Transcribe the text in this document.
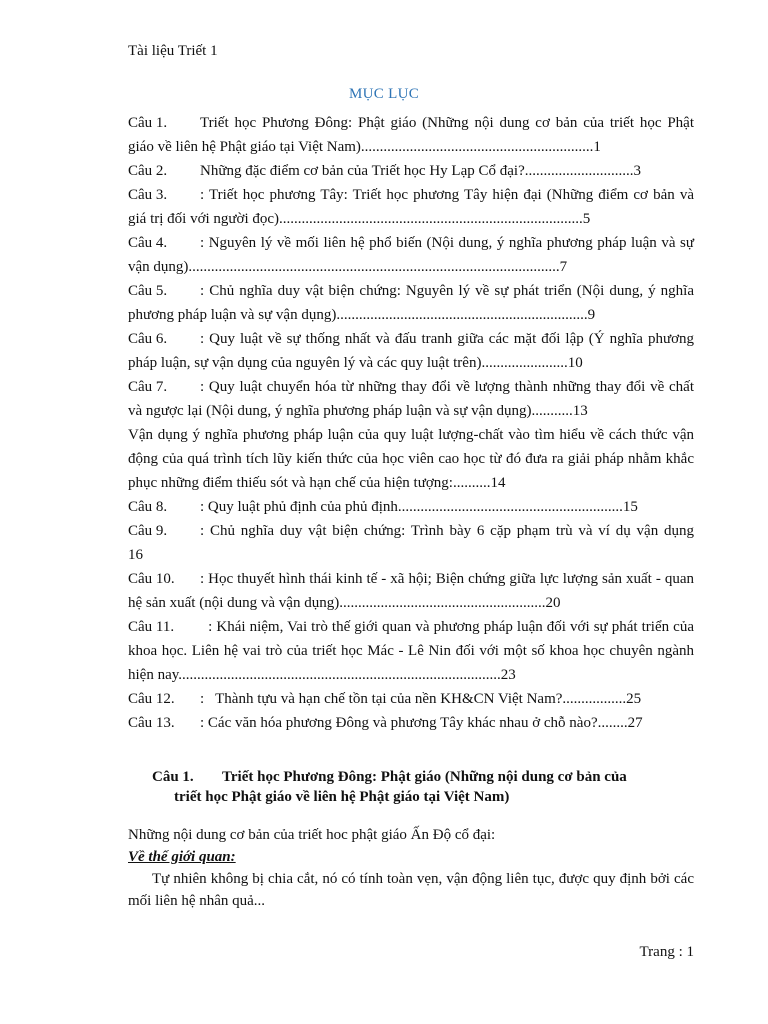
Tài liệu Triết 1
MỤC LỤC
Câu 1. Triết học Phương Đông: Phật giáo (Những nội dung cơ bản của triết học Phật giáo về liên hệ Phật giáo tại Việt Nam)..............................................................1
Câu 2. Những đặc điểm cơ bản của Triết học Hy Lạp Cổ đại?.............................3
Câu 3. : Triết học phương Tây: Triết học phương Tây hiện đại (Những điểm cơ bản và giá trị đối với người đọc).................................................................................5
Câu 4. : Nguyên lý về mối liên hệ phổ biến (Nội dung, ý nghĩa phương pháp luận và sự vận dụng)...................................................................................................7
Câu 5. : Chủ nghĩa duy vật biện chứng: Nguyên lý về sự phát triển (Nội dung, ý nghĩa phương pháp luận và sự vận dụng)...................................................................9
Câu 6. : Quy luật về sự thống nhất và đấu tranh giữa các mặt đối lập (Ý nghĩa phương pháp luận, sự vận dụng của nguyên lý và các quy luật trên).......................10
Câu 7. : Quy luật chuyển hóa từ những thay đổi về lượng thành những thay đổi về chất và ngược lại (Nội dung, ý nghĩa phương pháp luận và sự vận dụng)...........13
Vận dụng ý nghĩa phương pháp luận của quy luật lượng-chất vào tìm hiểu về cách thức vận động của quá trình tích lũy kiến thức của học viên cao học từ đó đưa ra giải pháp nhằm khắc phục những điểm thiếu sót và hạn chế của hiện tượng:..........14
Câu 8. : Quy luật phủ định của phủ định............................................................15
Câu 9. : Chủ nghĩa duy vật biện chứng: Trình bày 6 cặp phạm trù và ví dụ vận dụng        16
Câu 10. : Học thuyết hình thái kinh tế - xã hội; Biện chứng giữa lực lượng sản xuất - quan hệ sản xuất (nội dung và vận dụng).......................................................20
Câu 11.  : Khái niệm, Vai trò thế giới quan và phương pháp luận đối với sự phát triển của khoa học. Liên hệ vai trò của triết học Mác - Lê Nin đối với một số khoa học chuyên ngành hiện nay......................................................................................23
Câu 12. :   Thành tựu và hạn chế tồn tại của nền KH&CN Việt Nam?.................25
Câu 13. : Các văn hóa phương Đông và phương Tây khác nhau ở chỗ nào?........27
Câu 1. Triết học Phương Đông: Phật giáo (Những nội dung cơ bản của
triết học Phật giáo về liên hệ Phật giáo tại Việt Nam)
Những nội dung cơ bản của triết hoc phật giáo Ấn Độ cổ đại:
Về thế giới quan:
Tự nhiên không bị chia cắt, nó có tính toàn vẹn, vận động liên tục, được quy định bởi các mối liên hệ nhân quả...
Trang : 1
